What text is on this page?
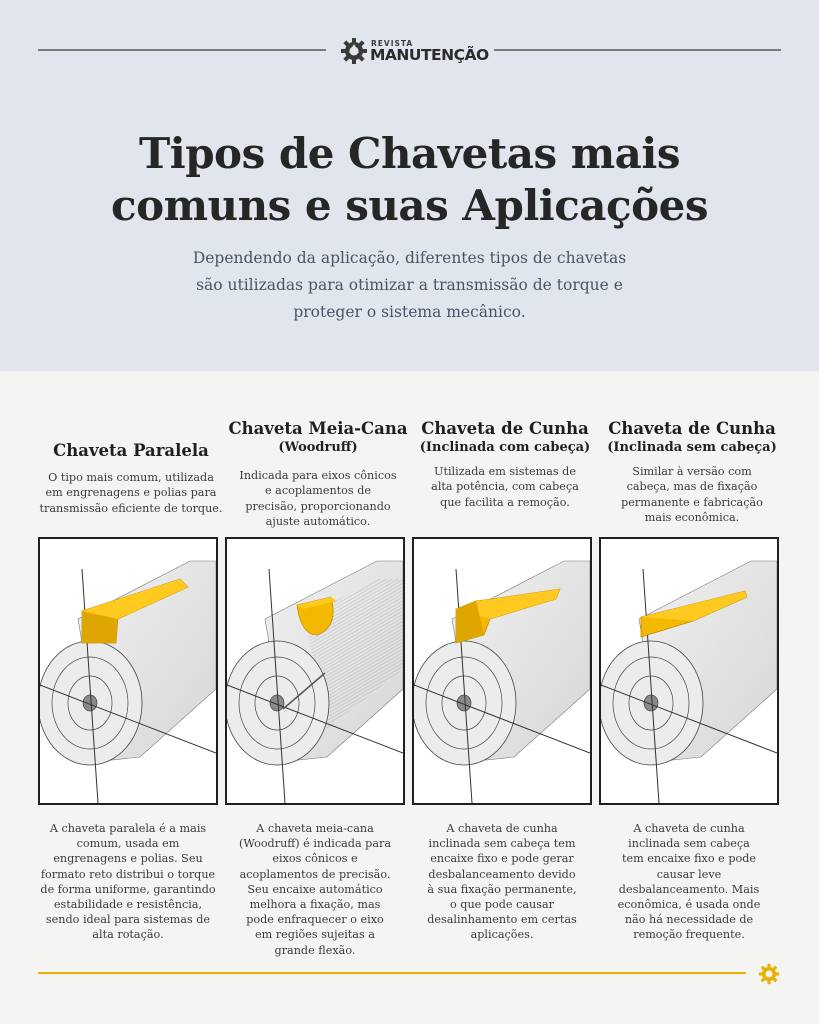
REVISTA
MANUTENÇÃO
Tipos de Chavetas mais
comuns e suas Aplicações

Dependendo da aplicação, diferentes tipos de chavetas
são utilizadas para otimizar a transmissão de torque e
proteger o sistema mecânico.

Chaveta Paralela
O tipo mais comum, utilizada
em engrenagens e polias para
transmissão eficiente de torque.
A chaveta paralela é a mais
comum, usada em
engrenagens e polias. Seu
formato reto distribui o torque
de forma uniforme, garantindo
estabilidade e resistência,
sendo ideal para sistemas de
alta rotação.
Chaveta Meia-Cana
(Woodruff)
Indicada para eixos cônicos
e acoplamentos de
precisão, proporcionando
ajuste automático.
A chaveta meia-cana
(Woodruff) é indicada para
eixos cônicos e
acoplamentos de precisão.
Seu encaixe automático
melhora a fixação, mas
pode enfraquecer o eixo
em regiões sujeitas a
grande flexão.
Chaveta de Cunha
(Inclinada com cabeça)
Utilizada em sistemas de
alta potência, com cabeça
que facilita a remoção.
A chaveta de cunha
inclinada sem cabeça tem
encaixe fixo e pode gerar
desbalanceamento devido
à sua fixação permanente,
o que pode causar
desalinhamento em certas
aplicações.
Chaveta de Cunha
(Inclinada sem cabeça)
Similar à versão com
cabeça, mas de fixação
permanente e fabricação
mais econômica.
A chaveta de cunha
inclinada sem cabeça
tem encaixe fixo e pode
causar leve
desbalanceamento. Mais
econômica, é usada onde
não há necessidade de
remoção frequente.
